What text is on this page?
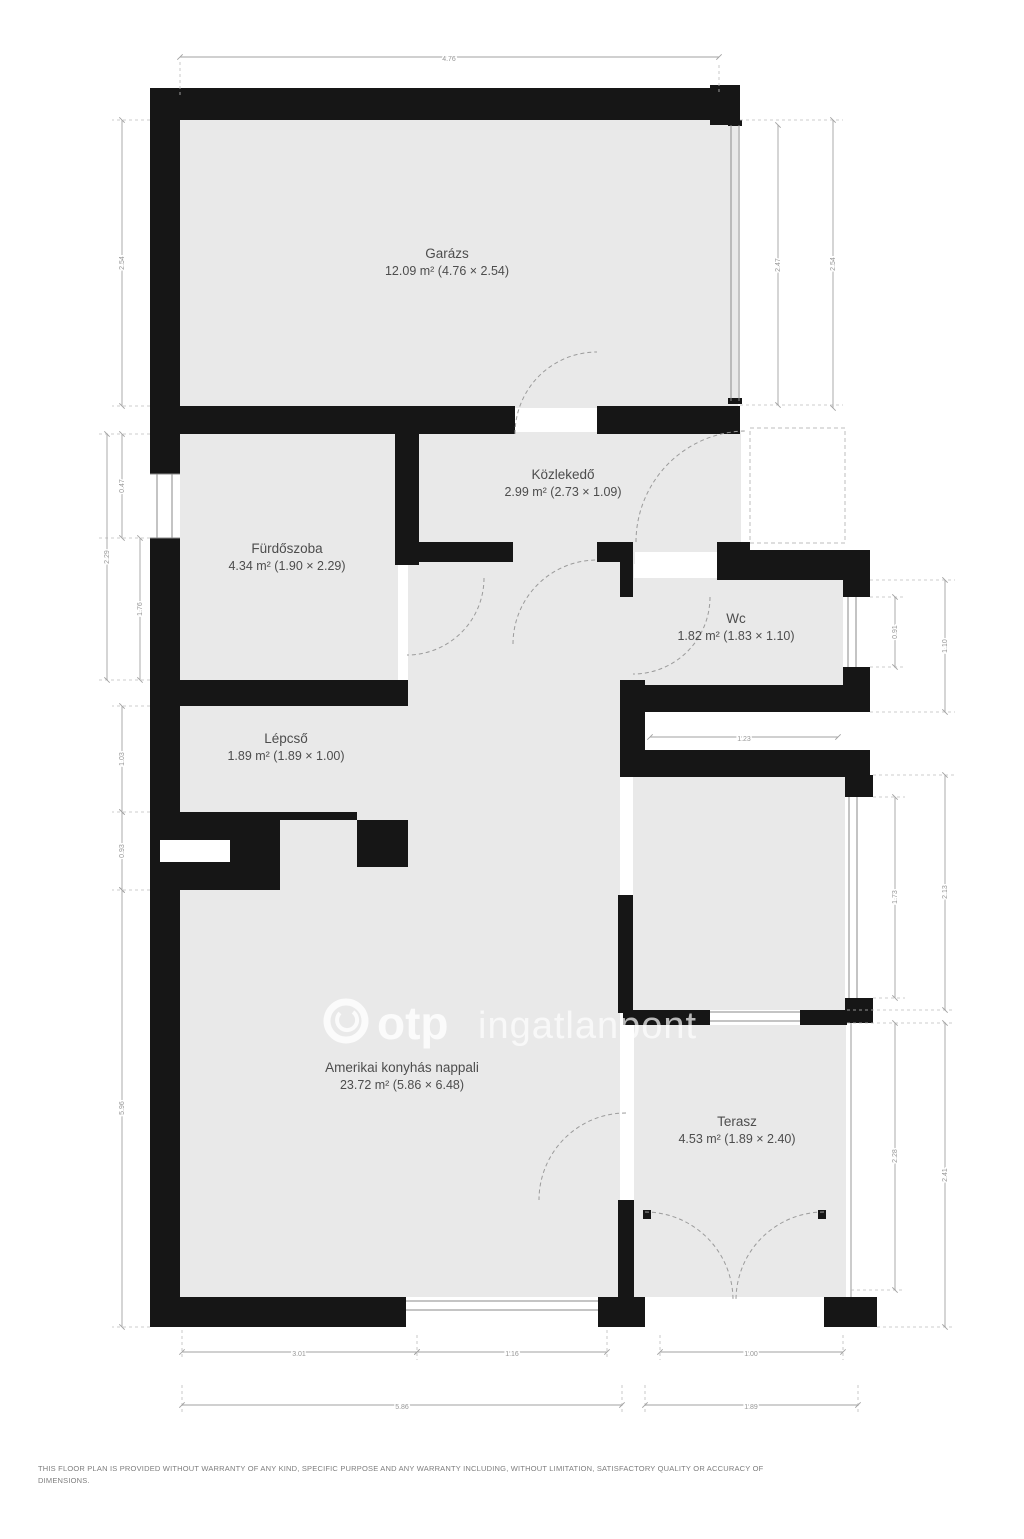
4.76
2.54
0.47
2.29
1.76
1.03
0.93
5.96
2.47	2.54
0.91
1.10
1.73	2.13
2.28
2.41
1.23
3.01	1.16	1.00
5.86	1.89
Garázs
12.09 m² (4.76 × 2.54)
Közlekedő
2.99 m² (2.73 × 1.09)
Fürdőszoba
4.34 m² (1.90 × 2.29)
Wc
1.82 m² (1.83 × 1.10)
Lépcső
1.89 m² (1.89 × 1.00)
Amerikai konyhás nappali
23.72 m² (5.86 × 6.48)
Terasz
4.53 m² (1.89 × 2.40)
otp ingatlanpont
THIS FLOOR PLAN IS PROVIDED WITHOUT WARRANTY OF ANY KIND, SPECIFIC PURPOSE AND ANY WARRANTY INCLUDING, WITHOUT LIMITATION, SATISFACTORY QUALITY OR ACCURACY OF
DIMENSIONS.
